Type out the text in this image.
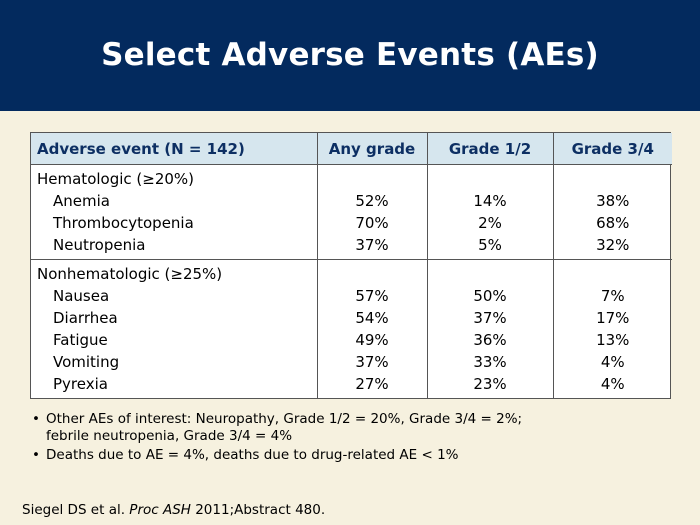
Select Adverse Events (AEs)
Adverse event (N = 142)	Any grade	Grade 1/2	Grade 3/4
Hematologic (≥20%)			
Anemia	52%	14%	38%
Thrombocytopenia	70%	2%	68%
Neutropenia	37%	5%	32%
Nonhematologic (≥25%)			
Nausea	57%	50%	7%
Diarrhea	54%	37%	17%
Fatigue	49%	36%	13%
Vomiting	37%	33%	4%
Pyrexia	27%	23%	4%
• Other AEs of interest: Neuropathy, Grade 1/2 = 20%, Grade 3/4 = 2%;
febrile neutropenia, Grade 3/4 = 4%
• Deaths due to AE = 4%, deaths due to drug-related AE < 1%
Siegel DS et al. Proc ASH 2011;Abstract 480.
